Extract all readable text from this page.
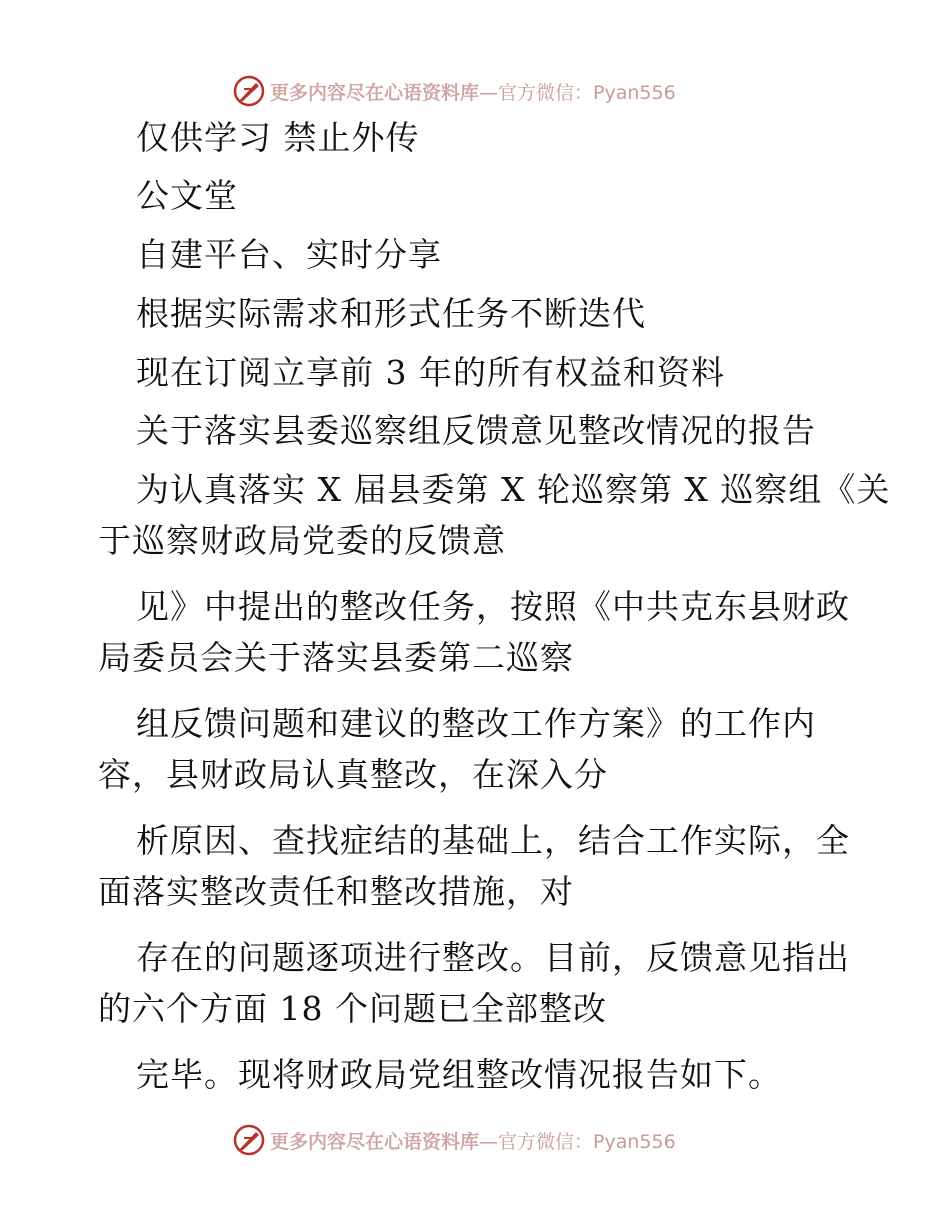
更多内容尽在心语资料库—官方微信：Pyan556
仅供学习 禁止外传
公文堂
自建平台、实时分享
根据实际需求和形式任务不断迭代
现在订阅立享前 3 年的所有权益和资料
关于落实县委巡察组反馈意见整改情况的报告
为认真落实 X 届县委第 X 轮巡察第 X 巡察组《关
于巡察财政局党委的反馈意
见》中提出的整改任务，按照《中共克东县财政
局委员会关于落实县委第二巡察
组反馈问题和建议的整改工作方案》的工作内
容，县财政局认真整改，在深入分
析原因、查找症结的基础上，结合工作实际，全
面落实整改责任和整改措施，对
存在的问题逐项进行整改。目前，反馈意见指出
的六个方面 18 个问题已全部整改
完毕。现将财政局党组整改情况报告如下。
更多内容尽在心语资料库—官方微信：Pyan556
